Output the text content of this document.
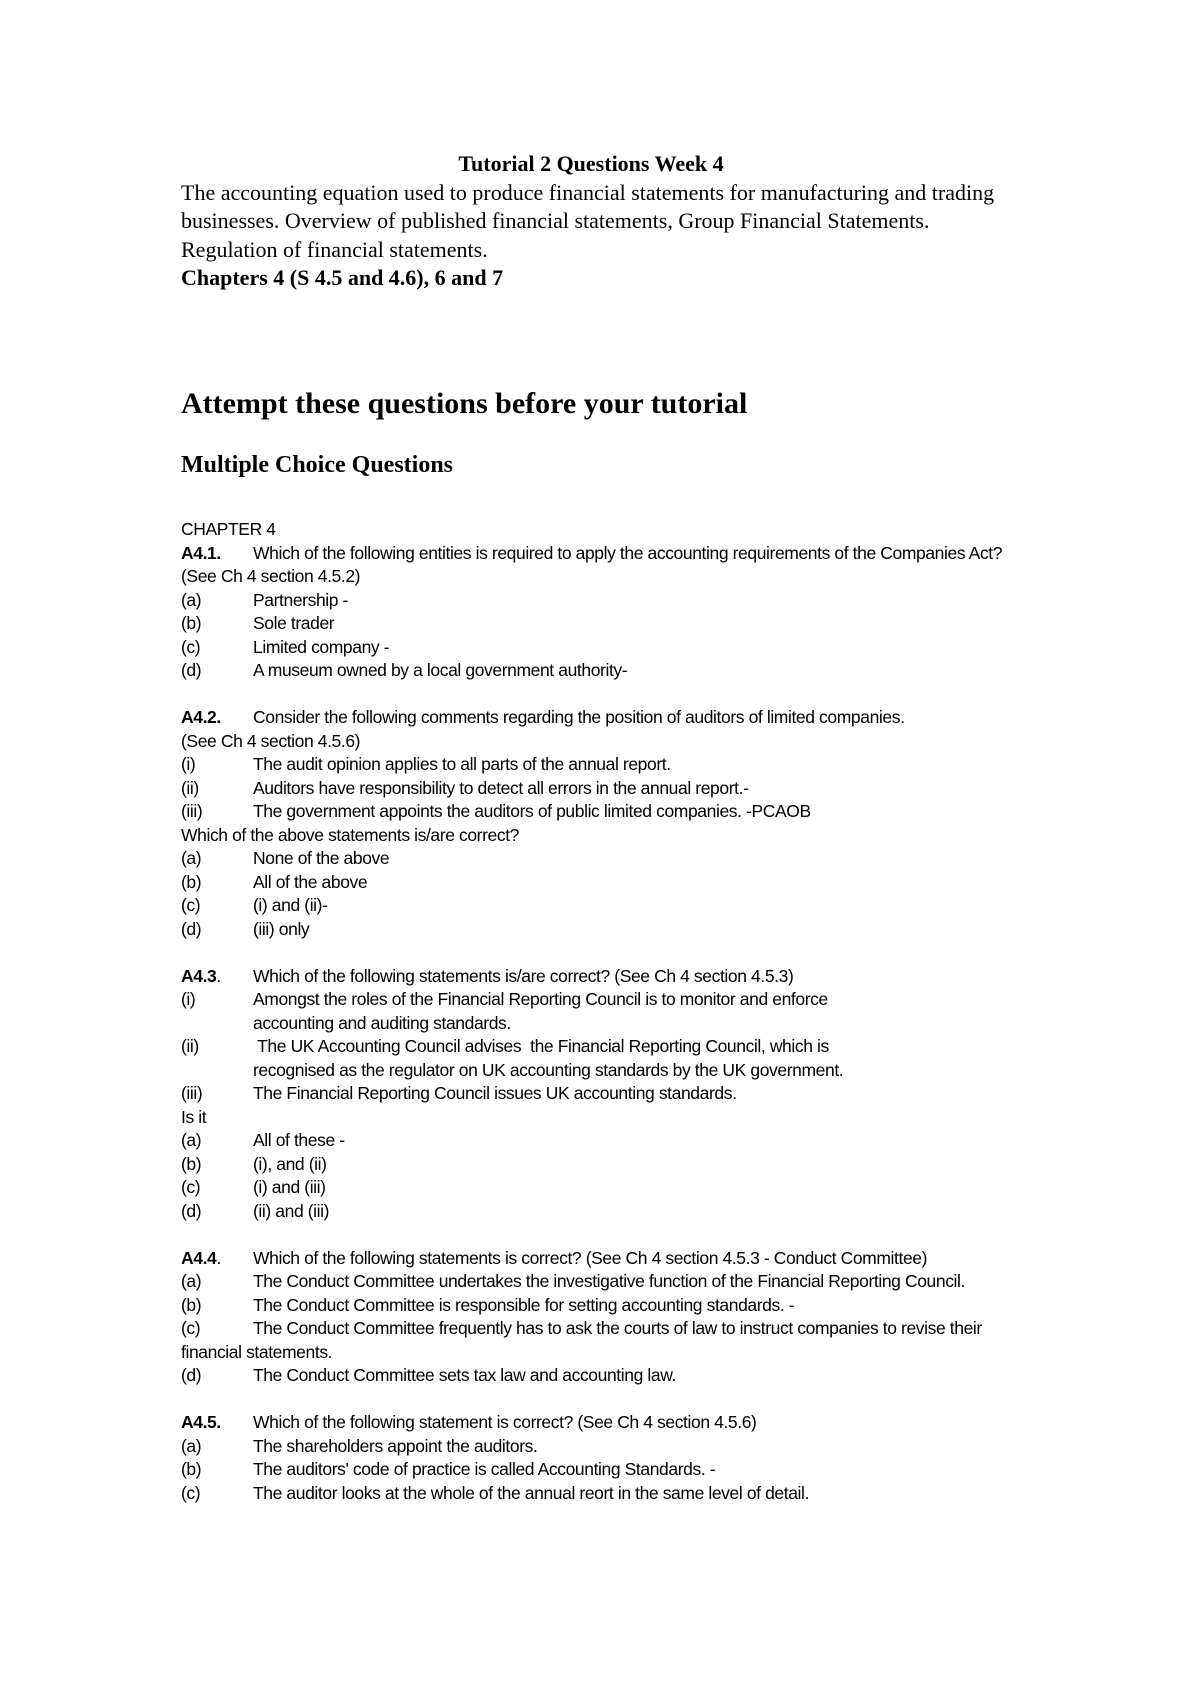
Tutorial 2 Questions Week 4

The accounting equation used to produce financial statements for manufacturing and trading businesses. Overview of published financial statements, Group Financial Statements.

Regulation of financial statements.

Chapters 4 (S 4.5 and 4.6), 6 and 7

Attempt these questions before your tutorial
Multiple Choice Questions
CHAPTER 4
A4.1. Which of the following entities is required to apply the accounting requirements of the Companies Act? (See Ch 4 section 4.5.2)
(a)	Partnership -
(b)	Sole trader
(c)	Limited company -
(d)	A museum owned by a local government authority-
A4.2. Consider the following comments regarding the position of auditors of limited companies.
(See Ch 4 section 4.5.6)
(i)	The audit opinion applies to all parts of the annual report.
(ii)	Auditors have responsibility to detect all errors in the annual report.-
(iii)	The government appoints the auditors of public limited companies. -PCAOB
Which of the above statements is/are correct?
(a)	None of the above
(b)	All of the above
(c)	(i) and (ii)-
(d)	(iii) only
A4.3. Which of the following statements is/are correct? (See Ch 4 section 4.5.3)
(i)	Amongst the roles of the Financial Reporting Council is to monitor and enforce
accounting and auditing standards.
(ii)	The UK Accounting Council advises  the Financial Reporting Council, which is
recognised as the regulator on UK accounting standards by the UK government.
(iii)	The Financial Reporting Council issues UK accounting standards.
Is it
(a)	All of these -
(b)	(i), and (ii)
(c)	(i) and (iii)
(d)	(ii) and (iii)
A4.4. Which of the following statements is correct? (See Ch 4 section 4.5.3 - Conduct Committee)
(a)	The Conduct Committee undertakes the investigative function of the Financial Reporting Council.
(b)	The Conduct Committee is responsible for setting accounting standards. -
(c)	The Conduct Committee frequently has to ask the courts of law to instruct companies to revise their financial statements.
(d)	The Conduct Committee sets tax law and accounting law.
A4.5. Which of the following statement is correct? (See Ch 4 section 4.5.6)
(a)	The shareholders appoint the auditors.
(b)	The auditors' code of practice is called Accounting Standards. -
(c)	The auditor looks at the whole of the annual reort in the same level of detail.
